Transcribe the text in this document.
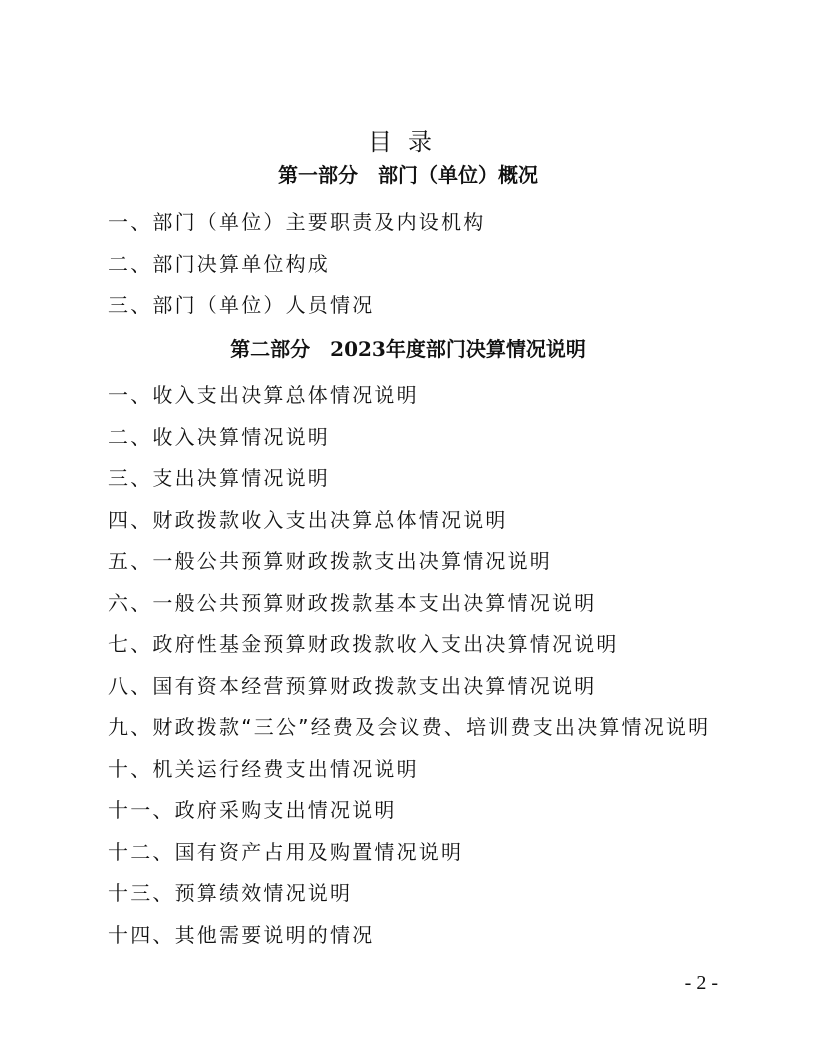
目录
第一部分　部门（单位）概况
一、部门（单位）主要职责及内设机构
二、部门决算单位构成
三、部门（单位）人员情况
第二部分　2023年度部门决算情况说明
一、收入支出决算总体情况说明
二、收入决算情况说明
三、支出决算情况说明
四、财政拨款收入支出决算总体情况说明
五、一般公共预算财政拨款支出决算情况说明
六、一般公共预算财政拨款基本支出决算情况说明
七、政府性基金预算财政拨款收入支出决算情况说明
八、国有资本经营预算财政拨款支出决算情况说明
九、财政拨款“三公”经费及会议费、培训费支出决算情况说明
十、机关运行经费支出情况说明
十一、政府采购支出情况说明
十二、国有资产占用及购置情况说明
十三、预算绩效情况说明
十四、其他需要说明的情况
- 2 -
